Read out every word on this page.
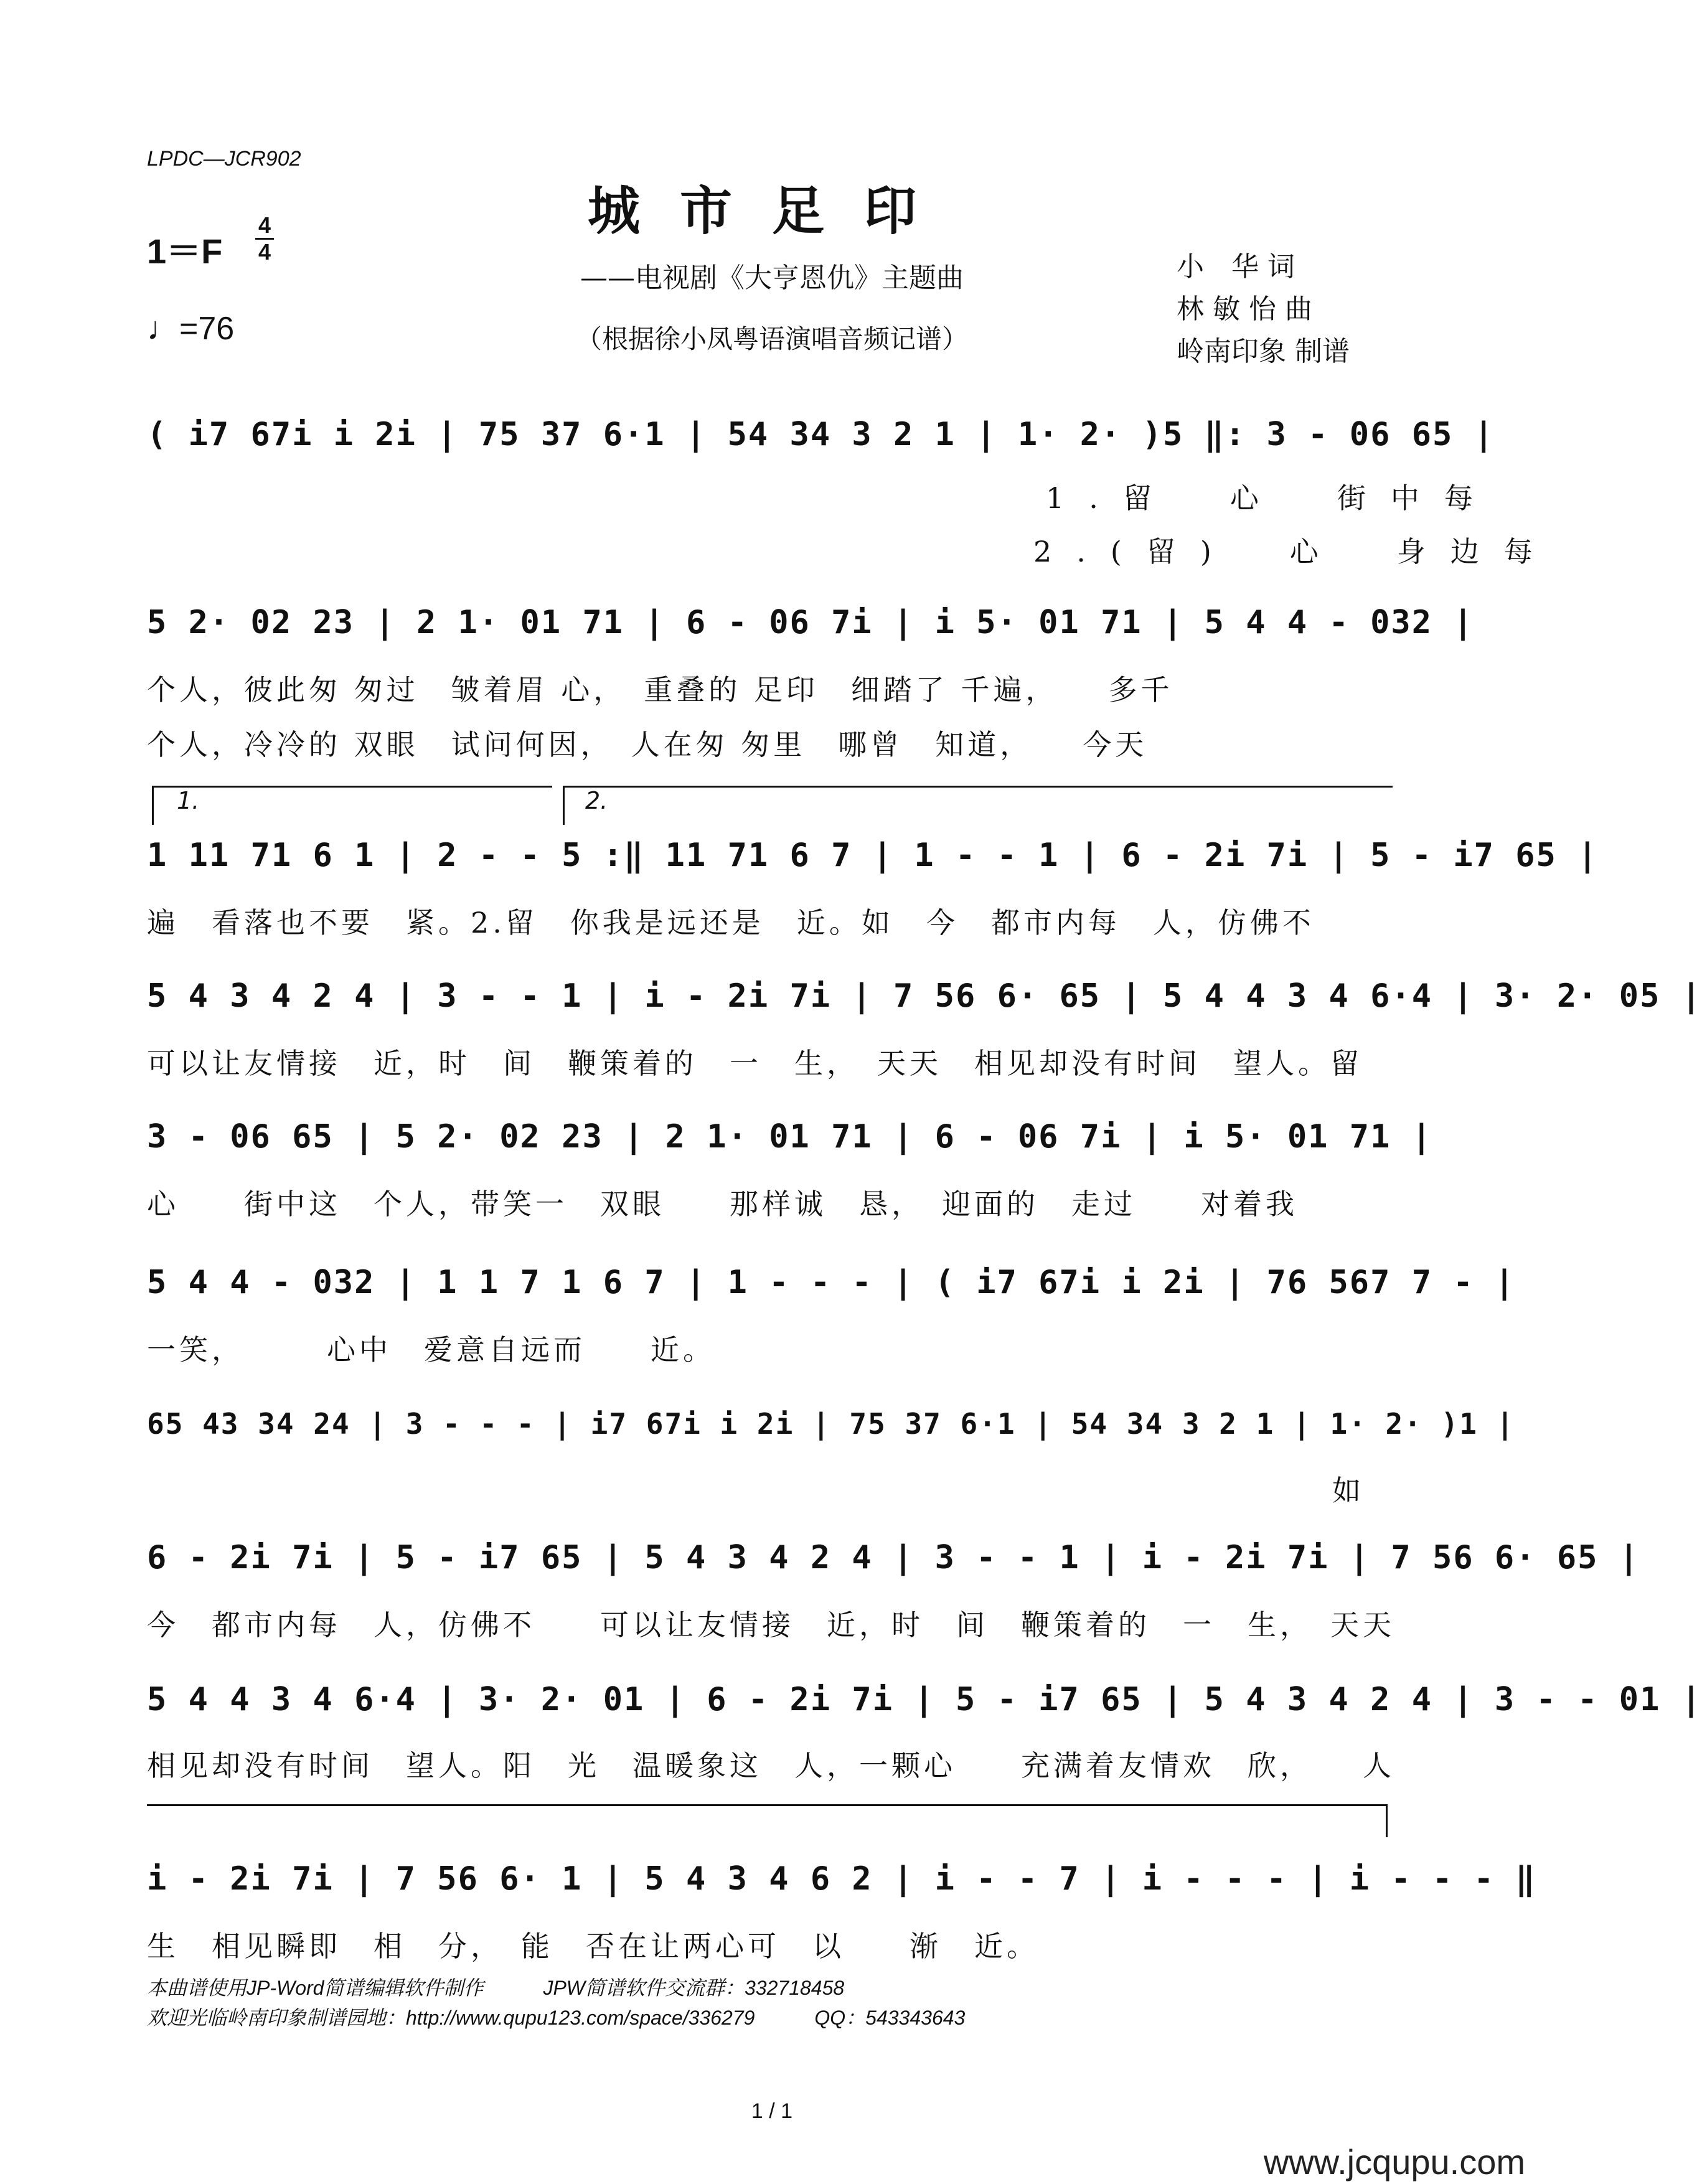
LPDC—JCR902
城市足印
——电视剧《大亨恩仇》主题曲
（根据徐小凤粤语演唱音频记谱）
1＝F
4
4
♩=76
小　华 词
林 敏 怡 曲
岭南印象 制谱
( i7 67i i 2i | 75 37 6·1 | 54 34 3 2 1 | 1· 2· )5 ‖: 3 - 06 65 |
1.留　心　街中每
2.(留)　心　身边每
5 2· 02 23 | 2 1· 01 71 | 6 - 06 7i | i 5· 01 71 | 5 4 4 - 032 |
个人，彼此匆 匆过　皱着眉 心，　重叠的 足印　细踏了 千遍，　　多千
个人，冷冷的 双眼　试问何因，　人在匆 匆里　哪曾　知道，　　今天
1.	2.
1 11 71 6 1 | 2 - - 5 :‖ 11 71 6 7 | 1 - - 1 | 6 - 2i 7i | 5 - i7 65 |
遍　看落也不要　紧。2.留　你我是远还是　近。如　今　都市内每　人，仿佛不
5 4 3 4 2 4 | 3 - - 1 | i - 2i 7i | 7 56 6· 65 | 5 4 4 3 4 6·4 | 3· 2· 05 |
可以让友情接　近，时　间　鞭策着的　一　生，　天天　相见却没有时间　望人。留
3 - 06 65 | 5 2· 02 23 | 2 1· 01 71 | 6 - 06 7i | i 5· 01 71 |
心　　街中这　个人，带笑一　双眼　　那样诚　恳，　迎面的　走过　　对着我
5 4 4 - 032 | 1 1 7 1 6 7 | 1 - - - | ( i7 67i i 2i | 76 567 7 - |
一笑，　　　心中　爱意自远而　　近。
65 43 34 24 | 3 - - - | i7 67i i 2i | 75 37 6·1 | 54 34 3 2 1 | 1· 2· )1 |
如
6 - 2i 7i | 5 - i7 65 | 5 4 3 4 2 4 | 3 - - 1 | i - 2i 7i | 7 56 6· 65 |
今　都市内每　人，仿佛不　　可以让友情接　近，时　间　鞭策着的　一　生，　天天
5 4 4 3 4 6·4 | 3· 2· 01 | 6 - 2i 7i | 5 - i7 65 | 5 4 3 4 2 4 | 3 - - 01 |
相见却没有时间　望人。阳　光　温暖象这　人，一颗心　　充满着友情欢　欣，　　人
i - 2i 7i | 7 56 6· 1 | 5 4 3 4 6 2 | i - - 7 | i - - - | i - - - ‖
生　相见瞬即　相　分，　能　否在让两心可　以　　渐　近。
本曲谱使用JP-Word简谱编辑软件制作　　　JPW简谱软件交流群：332718458
欢迎光临岭南印象制谱园地：http://www.qupu123.com/space/336279　　　QQ：543343643
1 / 1
www.jcqupu.com
